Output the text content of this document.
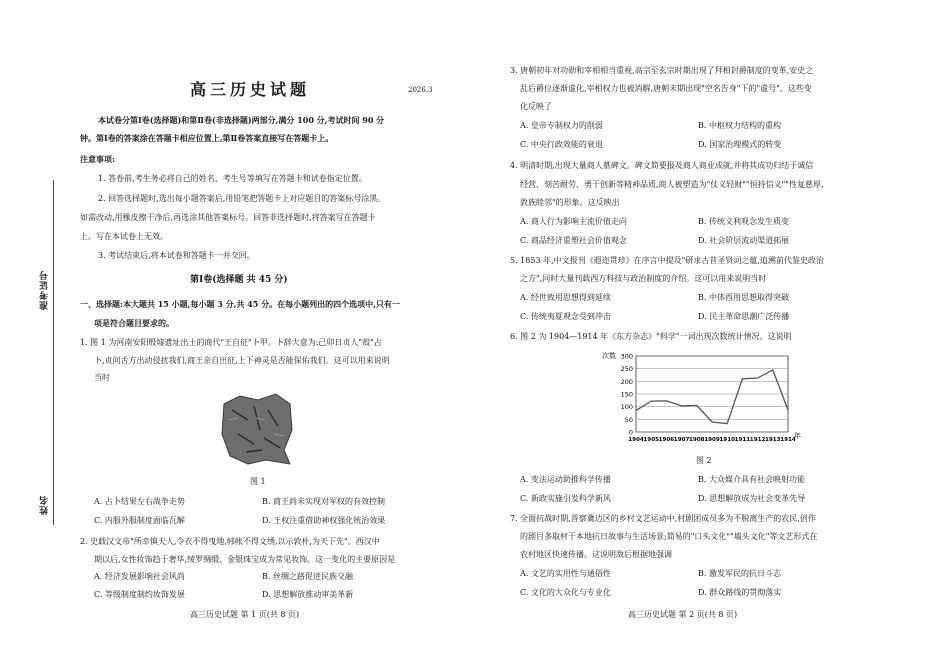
准考证号
姓名
高三历史试题	2026.3
本试卷分第Ⅰ卷(选择题)和第Ⅱ卷(非选择题)两部分,满分 100 分,考试时间 90 分
钟。第Ⅰ卷的答案涂在答题卡相应位置上,第Ⅱ卷答案直接写在答题卡上。
注意事项:
1. 答卷前,考生务必将自己的姓名、考生号等填写在答题卡和试卷指定位置。
2. 回答选择题时,选出每小题答案后,用铅笔把答题卡上对应题目的答案标号涂黑。
如需改动,用橡皮擦干净后,再选涂其他答案标号。回答非选择题时,将答案写在答题卡
上。写在本试卷上无效。
3. 考试结束后,将本试卷和答题卡一并交回。
第Ⅰ卷(选择题 共 45 分)
一、选择题:本大题共 15 小题,每小题 3 分,共 45 分。在每小题列出的四个选项中,只有一
项是符合题目要求的。
1. 图 1 为河南安阳殷墟遗址出土的商代"王自征"卜甲。卜辞大意为:己卯日贞人"殻"占
卜,贞问舌方出动侵扰我们,商王亲自出征,上下神灵是否能保佑我们。这可以用来说明
当时
图 1
A. 占卜结果左右战争走势	B. 商王尚未实现对军权的有效控制
C. 内服外服制度面临瓦解	D. 王权注重借助神权强化统治效果
2. 史载汉文帝"所幸慎夫人,令衣不得曳地,帏帐不得文绣,以示敦朴,为天下先"。西汉中
期以后,女性妆饰趋于奢华,绫罗绸缎、金银珠宝成为常见妆饰。这一变化的主要原因是
A. 经济发展影响社会风尚	B. 丝绸之路促进民族交融
C. 等级制度制约妆饰发展	D. 思想解放推动审美革新
高三历史试题 第 1 页(共 8 页)
3. 唐朝初年对功勋和宰相相当重视,高宗至玄宗时期出现了拜相封爵制度的变革,安史之
乱后爵位逐渐虚化,宰相权力也被消解,唐朝末期出现"空名告身"下的"虚号"。这些变
化反映了
A. 皇帝专制权力的削弱	B. 中枢权力结构的重构
C. 中央行政效能的衰退	D. 国家治理模式的转变
4. 明清时期,出现大量商人墓碑文。碑文简要报及商人商业成就,并将其成功归结于诚信
经营、刻苦耐劳、勇于创新等精神品质,商人被塑造为"仗义轻财""恒持信义""性复慈厚,
敦族睦邻"的形象。这反映出
A. 商人行为影响主流价值走向	B. 传统义利观念发生质变
C. 商品经济重塑社会价值观念	D. 社会阶层流动渠道拓展
5. 1853 年,中文报刊《遐迩贯珍》在序言中提及"研求古昔圣贤词之蕴,追溯前代鉴史政治
之方",同时大量刊载西方科技与政治制度的介绍。这可以用来说明当时
A. 经世致用思想得到延续	B. 中体西用思想取得突破
C. 传统夷夏观念受到冲击	D. 民主革命思潮广泛传播
6. 图 2 为 1904—1914 年《东方杂志》"科学"一词出现次数统计情况。这说明
0
50
100
150
200
250
300
1904 1905 1906 1907 1908 1909 1910 1911 1912 1913 1914
次数
年
图 2
A. 变法运动助推科学传播	B. 大众媒介具有社会映射功能
C. 新政实施引发科学新风	D. 思想解放成为社会变革先导
7. 全面抗战时期,晋察冀边区的乡村文艺运动中,村剧团成员多为不脱离生产的农民,创作
的剧目多取材于本地抗日故事与生活场景;简易的"口头文化""墙头文化"等文艺形式在
农村地区快速传播。这说明敌后根据地强调
A. 文艺的实用性与通俗性	B. 激发军民的抗日斗志
C. 文化的大众化与专业化	D. 群众路线的贯彻落实
高三历史试题 第 2 页(共 8 页)
